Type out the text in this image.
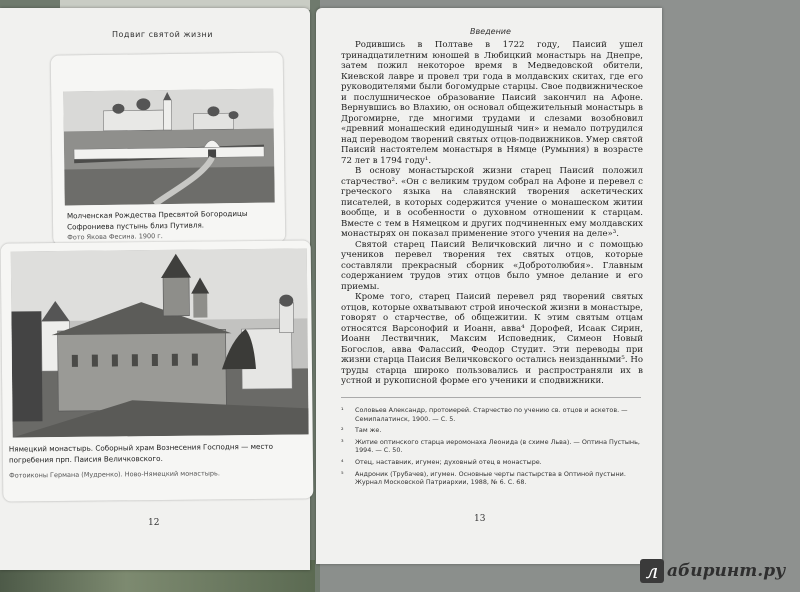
Подвиг святой жизни	Введение
Молченская Рождества Пресвятой Богородицы Софрониева пустынь близ Путивля.
Фото Якова Фесина. 1900 г.
Нямецкий монастырь. Соборный храм Вознесения Господня — место погребения прп. Паисия Величковского.
Фотоиконы Германа (Мудренко). Ново-Нямецкий монастырь.
12

Родившись в Полтаве в 1722 году, Паисий ушел тринадцатилетним юношей в Любицкий монастырь на Днепре, затем пожил некоторое время в Медведовской обители, Киевской лавре и провел три года в молдавских скитах, где его руководителями были богомудрые старцы. Свое подвижническое и послушническое образование Паисий закончил на Афоне. Вернувшись во Влахию, он основал общежительный монастырь в Дрогомирне, где многими трудами и слезами возобновил «древний монашеский единодушный чин» и немало потрудился над переводом творений святых отцов-подвижников. Умер святой Паисий настоятелем монастыря в Нямце (Румыния) в возрасте 72 лет в 1794 году¹.

В основу монастырской жизни старец Паисий положил старчество². «Он с великим трудом собрал на Афоне и перевел с греческого языка на славянский творения аскетических писателей, в которых содержится учение о монашеском житии вообще, и в особенности о духовном отношении к старцам. Вместе с тем в Нямецком и других подчиненных ему молдавских монастырях он показал применение этого учения на деле»³.

Святой старец Паисий Величковский лично и с помощью учеников перевел творения тех святых отцов, которые составляли прекрасный сборник «Добротолюбия». Главным содержанием трудов этих отцов было умное делание и его приемы.

Кроме того, старец Паисий перевел ряд творений святых отцов, которые охватывают строй иноческой жизни в монастыре, говорят о старчестве, об общежитии. К этим святым отцам относятся Варсонофий и Иоанн, авва⁴ Дорофей, Исаак Сирин, Иоанн Лествичник, Максим Исповедник, Симеон Новый Богослов, авва Фалассий, Феодор Студит. Эти переводы при жизни старца Паисия Величковского остались неизданными⁵. Но труды старца широко пользовались и распространяли их в устной и рукописной форме его ученики и сподвижники.

¹	Соловьев Александр, протоиерей. Старчество по учению св. отцов и аскетов. — Семипалатинск, 1900. — С. 5.
²	Там же.
³	Житие оптинского старца иеромонаха Леонида (в схиме Льва). — Оптина Пустынь, 1994. — С. 50.
⁴	Отец, наставник, игумен; духовный отец в монастыре.
⁵	Андроник (Трубачев), игумен. Основные черты пастырства в Оптиной пустыни. Журнал Московской Патриархии, 1988, № 6. С. 68.
13
л абиринт.ру
